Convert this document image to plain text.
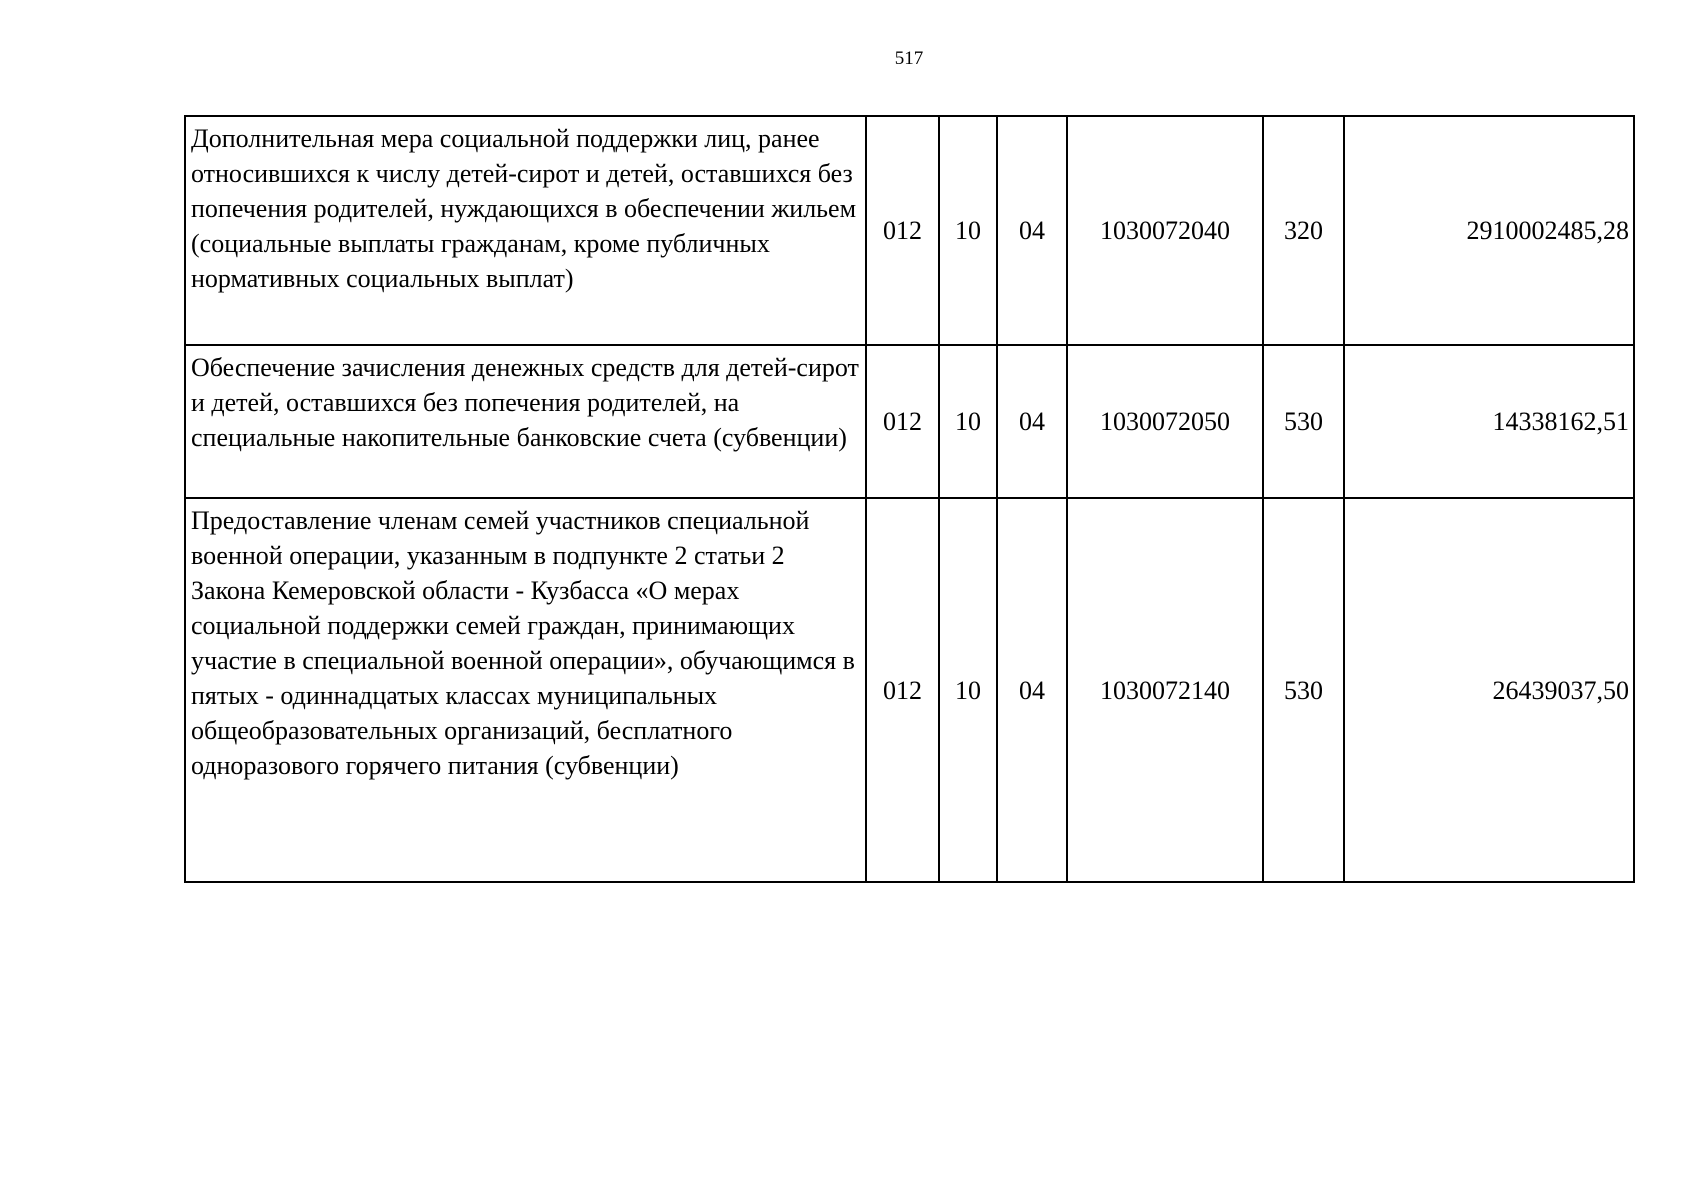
517
Дополнительная мера социальной поддержки лиц, ранее относившихся к числу детей-сирот и детей, оставшихся без попечения родителей, нуждающихся в обеспечении жильем (социальные выплаты гражданам, кроме публичных нормативных социальных выплат)	012	10	04	1030072040	320	2910002485,28
Обеспечение зачисления денежных средств для детей-сирот и детей, оставшихся без попечения родителей, на специальные накопительные банковские счета (субвенции)	012	10	04	1030072050	530	14338162,51
Предоставление членам семей участников специальной военной операции, указанным в подпункте 2 статьи 2 Закона Кемеровской области - Кузбасса «О мерах социальной поддержки семей граждан, принимающих участие в специальной военной операции», обучающимся в пятых - одиннадцатых классах муниципальных общеобразовательных организаций, бесплатного одноразового горячего питания (субвенции)	012	10	04	1030072140	530	26439037,50
